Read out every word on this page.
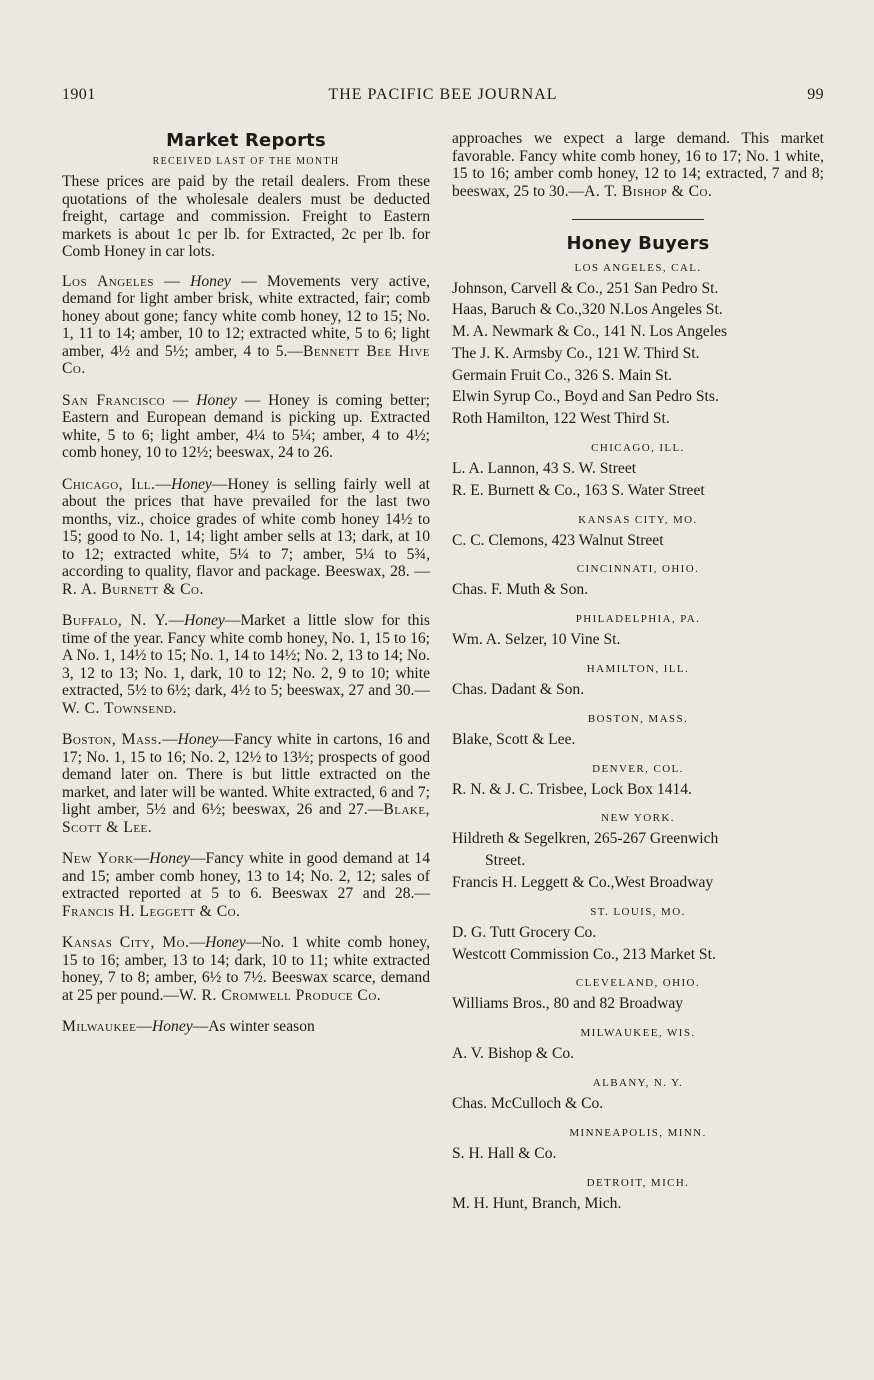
1901	THE PACIFIC BEE JOURNAL	99
Market Reports
RECEIVED LAST OF THE MONTH

These prices are paid by the retail dealers. From these quotations of the wholesale dealers must be deducted freight, cartage and commission. Freight to Eastern markets is about 1c per lb. for Extracted, 2c per lb. for Comb Honey in car lots.

Los Angeles — Honey — Movements very active, demand for light amber brisk, white extracted, fair; comb honey about gone; fancy white comb honey, 12 to 15; No. 1, 11 to 14; amber, 10 to 12; extracted white, 5 to 6; light amber, 4½ and 5½; amber, 4 to 5.—Bennett Bee Hive Co.

San Francisco — Honey — Honey is coming better; Eastern and European demand is picking up. Extracted white, 5 to 6; light amber, 4¼ to 5¼; amber, 4 to 4½; comb honey, 10 to 12½; beeswax, 24 to 26.

Chicago, Ill.—Honey—Honey is selling fairly well at about the prices that have prevailed for the last two months, viz., choice grades of white comb honey 14½ to 15; good to No. 1, 14; light amber sells at 13; dark, at 10 to 12; extracted white, 5¼ to 7; amber, 5¼ to 5¾, according to quality, flavor and package. Beeswax, 28. —R. A. Burnett & Co.

Buffalo, N. Y.—Honey—Market a little slow for this time of the year. Fancy white comb honey, No. 1, 15 to 16; A No. 1, 14½ to 15; No. 1, 14 to 14½; No. 2, 13 to 14; No. 3, 12 to 13; No. 1, dark, 10 to 12; No. 2, 9 to 10; white extracted, 5½ to 6½; dark, 4½ to 5; beeswax, 27 and 30.—W. C. Townsend.

Boston, Mass.—Honey—Fancy white in cartons, 16 and 17; No. 1, 15 to 16; No. 2, 12½ to 13½; prospects of good demand later on. There is but little extracted on the market, and later will be wanted. White extracted, 6 and 7; light amber, 5½ and 6½; beeswax, 26 and 27.—Blake, Scott & Lee.

New York—Honey—Fancy white in good demand at 14 and 15; amber comb honey, 13 to 14; No. 2, 12; sales of extracted reported at 5 to 6. Beeswax 27 and 28.—Francis H. Leggett & Co.

Kansas City, Mo.—Honey—No. 1 white comb honey, 15 to 16; amber, 13 to 14; dark, 10 to 11; white extracted honey, 7 to 8; amber, 6½ to 7½. Beeswax scarce, demand at 25 per pound.—W. R. Cromwell Produce Co.

Milwaukee—Honey—As winter season

approaches we expect a large demand. This market favorable. Fancy white comb honey, 16 to 17; No. 1 white, 15 to 16; amber comb honey, 12 to 14; extracted, 7 and 8; beeswax, 25 to 30.—A. T. Bishop & Co.

Honey Buyers
LOS ANGELES, CAL.
Johnson, Carvell & Co., 251 San Pedro St.
Haas, Baruch & Co.,320 N.Los Angeles St.
M. A. Newmark & Co., 141 N. Los Angeles
The J. K. Armsby Co., 121 W. Third St.
Germain Fruit Co., 326 S. Main St.
Elwin Syrup Co., Boyd and San Pedro Sts.
Roth Hamilton, 122 West Third St.
CHICAGO, ILL.
L. A. Lannon, 43 S. W. Street
R. E. Burnett & Co., 163 S. Water Street
KANSAS CITY, MO.
C. C. Clemons, 423 Walnut Street
CINCINNATI, OHIO.
Chas. F. Muth & Son.
PHILADELPHIA, PA.
Wm. A. Selzer, 10 Vine St.
HAMILTON, ILL.
Chas. Dadant & Son.
BOSTON, MASS.
Blake, Scott & Lee.
DENVER, COL.
R. N. & J. C. Trisbee, Lock Box 1414.
NEW YORK.
Hildreth & Segelkren, 265-267 Greenwich
Street.
Francis H. Leggett & Co.,West Broadway
ST. LOUIS, MO.
D. G. Tutt Grocery Co.
Westcott Commission Co., 213 Market St.
CLEVELAND, OHIO.
Williams Bros., 80 and 82 Broadway
MILWAUKEE, WIS.
A. V. Bishop & Co.
ALBANY, N. Y.
Chas. McCulloch & Co.
MINNEAPOLIS, MINN.
S. H. Hall & Co.
DETROIT, MICH.
M. H. Hunt, Branch, Mich.
